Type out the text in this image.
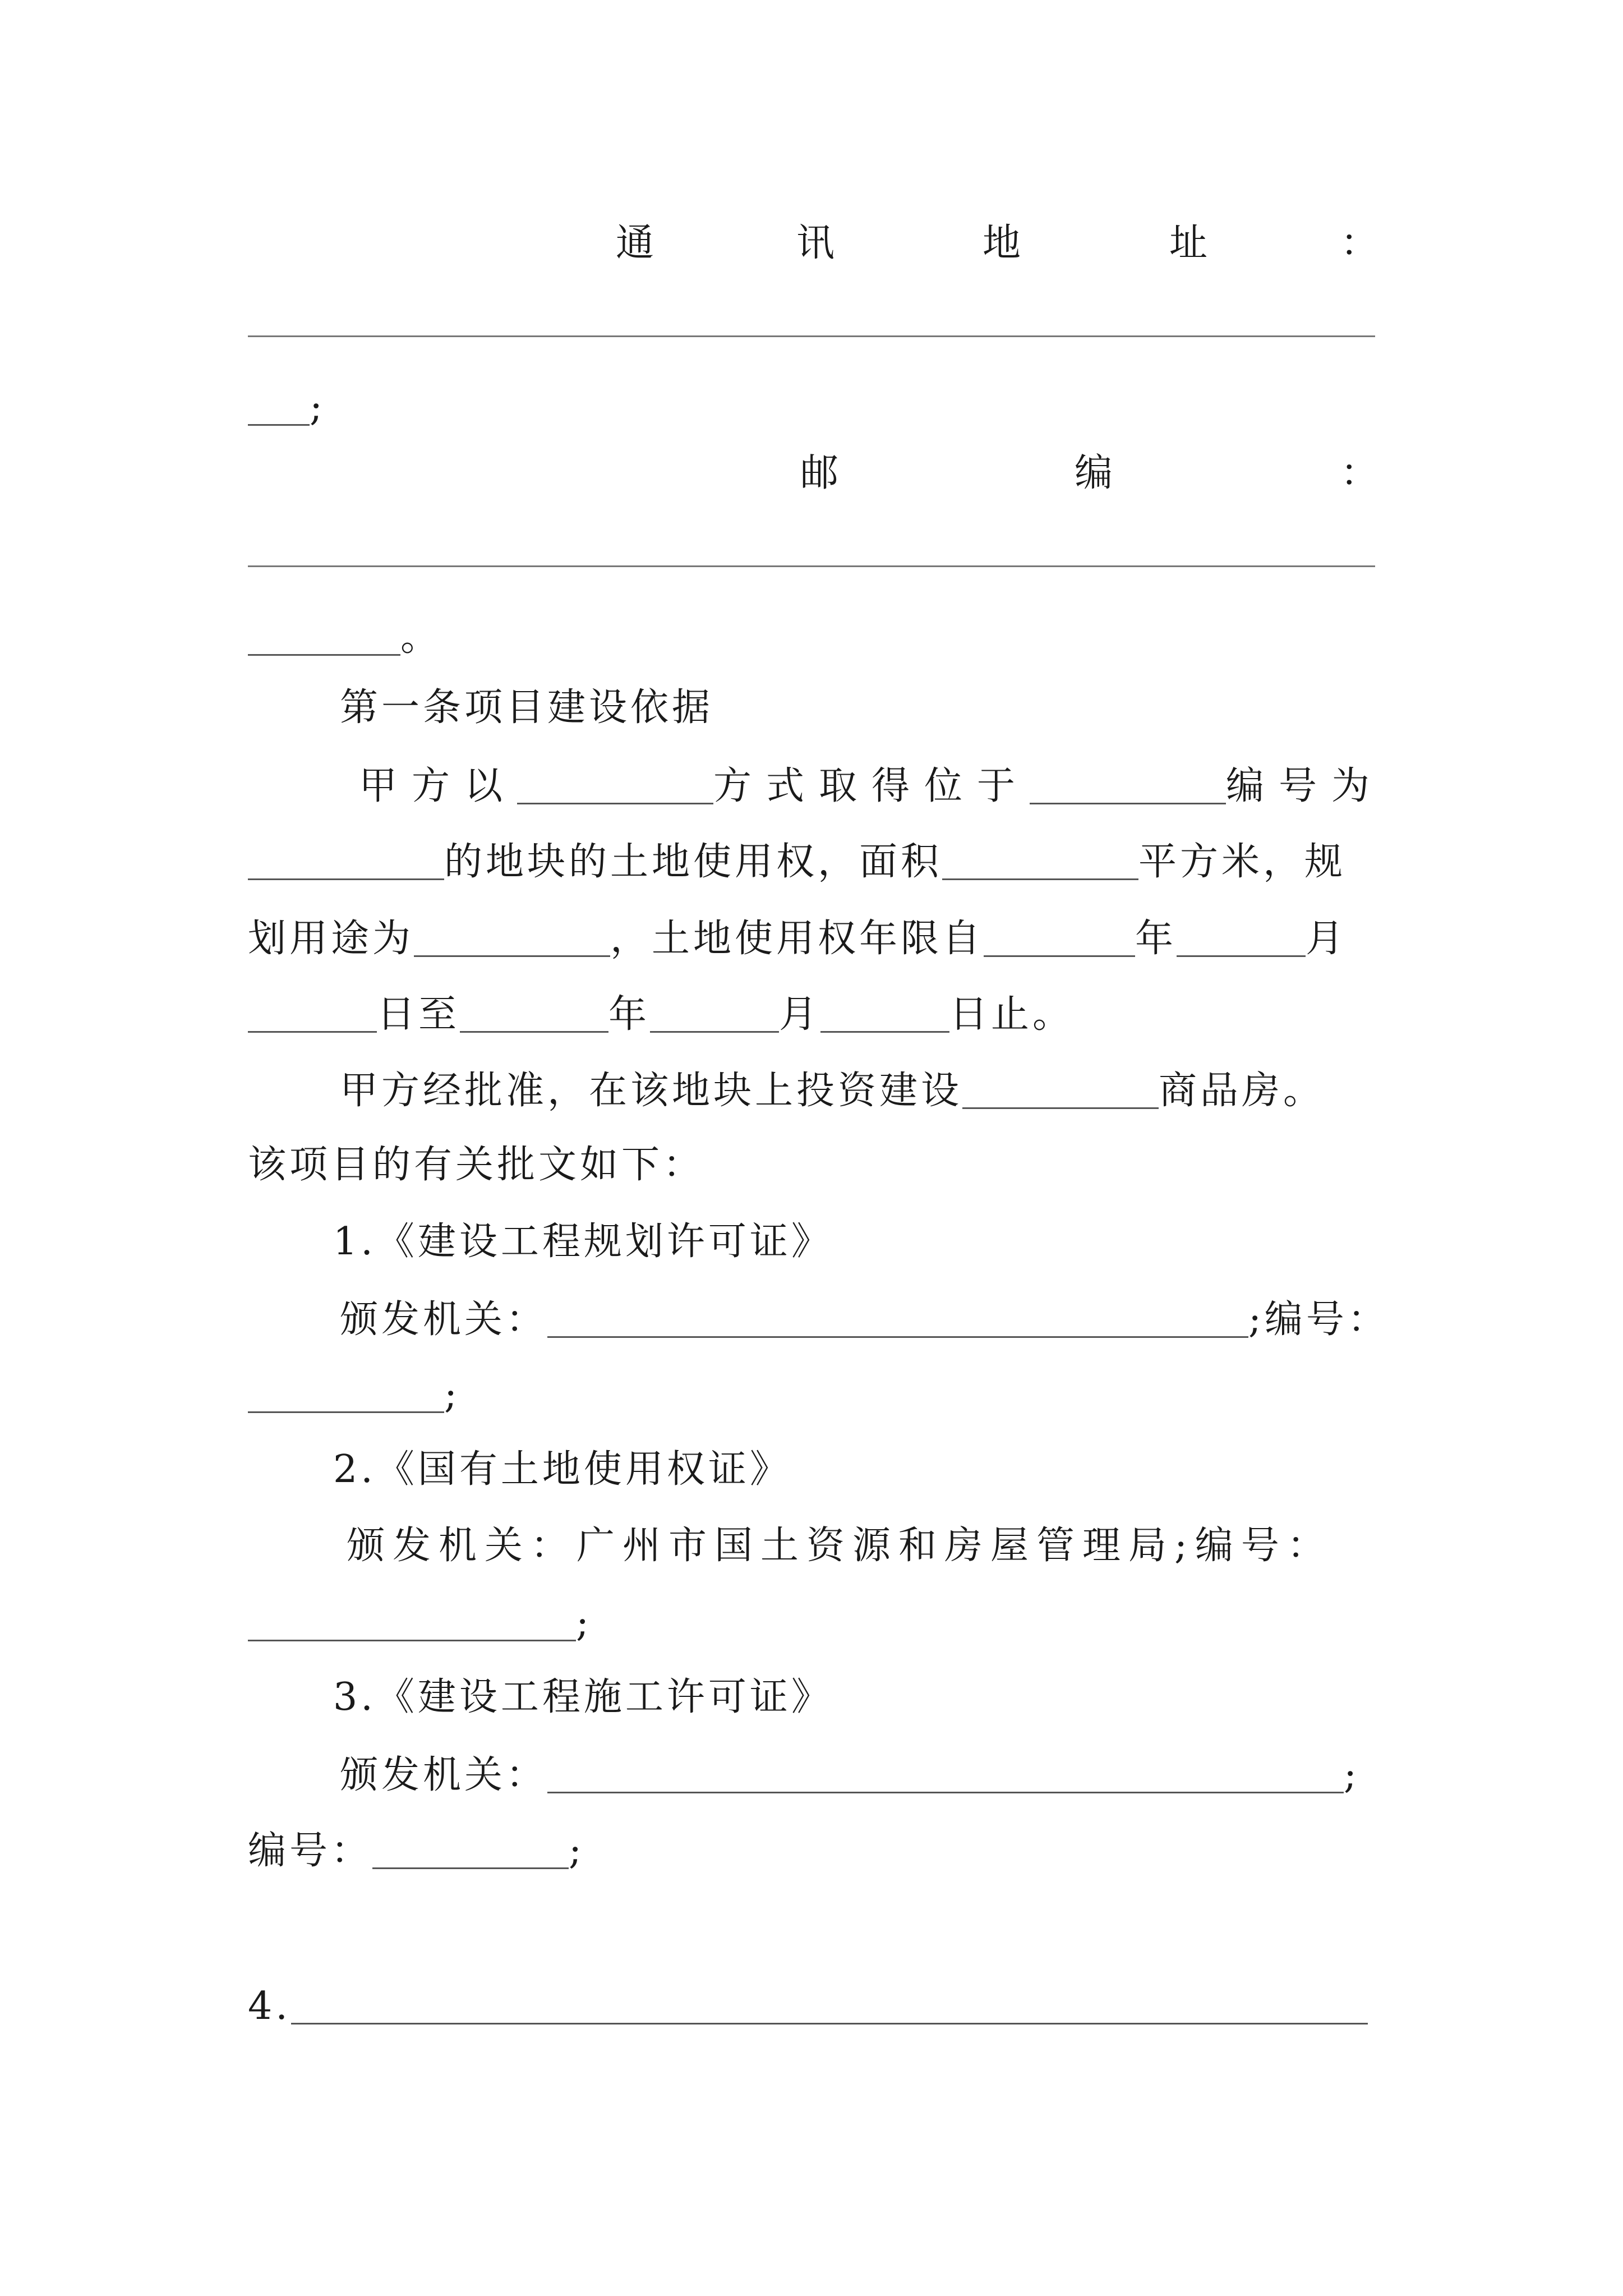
通	讯	地	址	：
;
邮	编	：
。
第一条项目建设依据
甲方以	方式取得位于	编号为
的地块的土地使用权，面积	平方米，规
划用途为	，土地使用权年限自	年	月
日至	年	月	日止。
甲方经批准，在该地块上投资建设	商品房。
该项目的有关批文如下：
1.《建设工程规划许可证》
颁发机关：	;编号：
;
2.《国有土地使用权证》
颁发机关：广州市国土资源和房屋管理局;编号：
;
3.《建设工程施工许可证》
颁发机关：	;
编号：	;
4.
